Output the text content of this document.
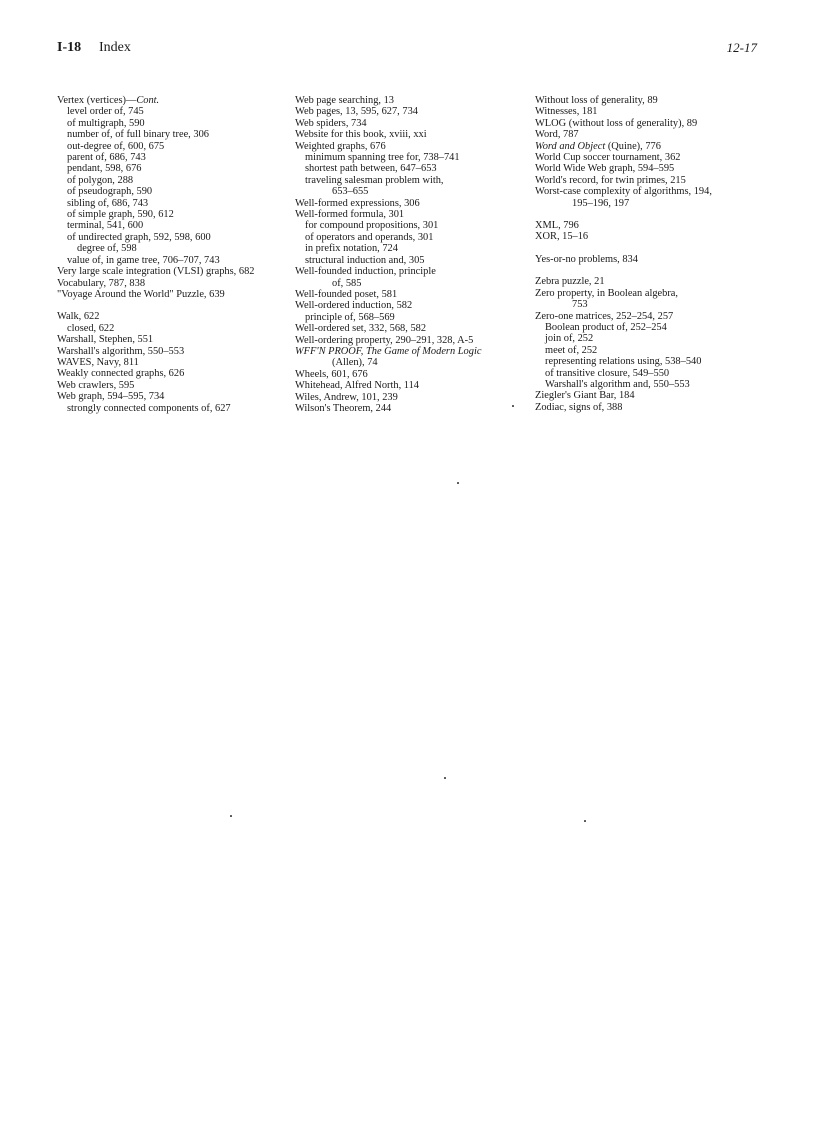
I-18 Index	12-17
Vertex (vertices)—Cont.
level order of, 745
of multigraph, 590
number of, of full binary tree, 306
out-degree of, 600, 675
parent of, 686, 743
pendant, 598, 676
of polygon, 288
of pseudograph, 590
sibling of, 686, 743
of simple graph, 590, 612
terminal, 541, 600
of undirected graph, 592, 598, 600
degree of, 598
value of, in game tree, 706–707, 743
Very large scale integration (VLSI) graphs, 682
Vocabulary, 787, 838
"Voyage Around the World" Puzzle, 639
Walk, 622
closed, 622
Warshall, Stephen, 551
Warshall's algorithm, 550–553
WAVES, Navy, 811
Weakly connected graphs, 626
Web crawlers, 595
Web graph, 594–595, 734
strongly connected components of, 627
Web page searching, 13
Web pages, 13, 595, 627, 734
Web spiders, 734
Website for this book, xviii, xxi
Weighted graphs, 676
minimum spanning tree for, 738–741
shortest path between, 647–653
traveling salesman problem with,
653–655
Well-formed expressions, 306
Well-formed formula, 301
for compound propositions, 301
of operators and operands, 301
in prefix notation, 724
structural induction and, 305
Well-founded induction, principle
of, 585
Well-founded poset, 581
Well-ordered induction, 582
principle of, 568–569
Well-ordered set, 332, 568, 582
Well-ordering property, 290–291, 328, A-5
WFF'N PROOF, The Game of Modern Logic
(Allen), 74
Wheels, 601, 676
Whitehead, Alfred North, 114
Wiles, Andrew, 101, 239
Wilson's Theorem, 244
Without loss of generality, 89
Witnesses, 181
WLOG (without loss of generality), 89
Word, 787
Word and Object (Quine), 776
World Cup soccer tournament, 362
World Wide Web graph, 594–595
World's record, for twin primes, 215
Worst-case complexity of algorithms, 194,
195–196, 197
XML, 796
XOR, 15–16
Yes-or-no problems, 834
Zebra puzzle, 21
Zero property, in Boolean algebra,
753
Zero-one matrices, 252–254, 257
Boolean product of, 252–254
join of, 252
meet of, 252
representing relations using, 538–540
of transitive closure, 549–550
Warshall's algorithm and, 550–553
Ziegler's Giant Bar, 184
Zodiac, signs of, 388
